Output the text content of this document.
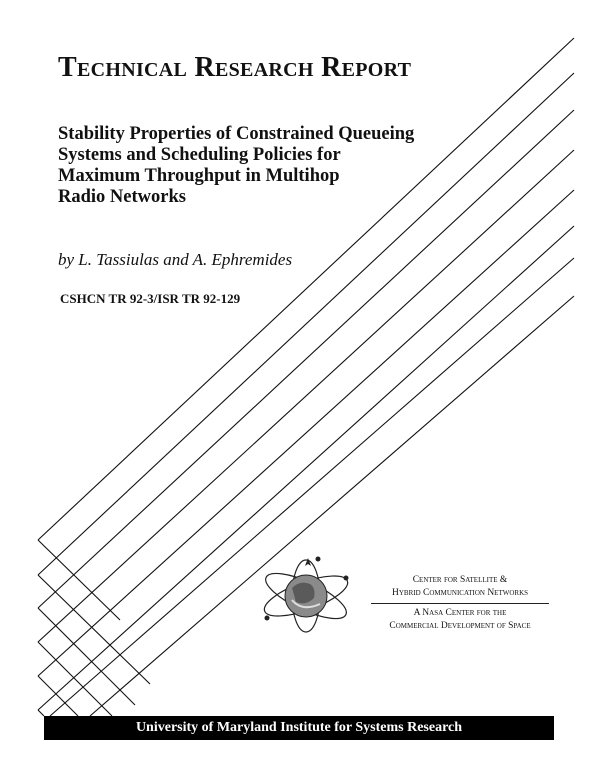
Technical Research Report
Stability Properties of Constrained Queueing
Systems and Scheduling Policies for
Maximum Throughput in Multihop
Radio Networks
by L. Tassiulas and A. Ephremides
CSHCN TR 92-3/ISR TR 92-129
Center for Satellite &
Hybrid Communication Networks
A Nasa Center for the
Commercial Development of Space
University of Maryland Institute for Systems Research
